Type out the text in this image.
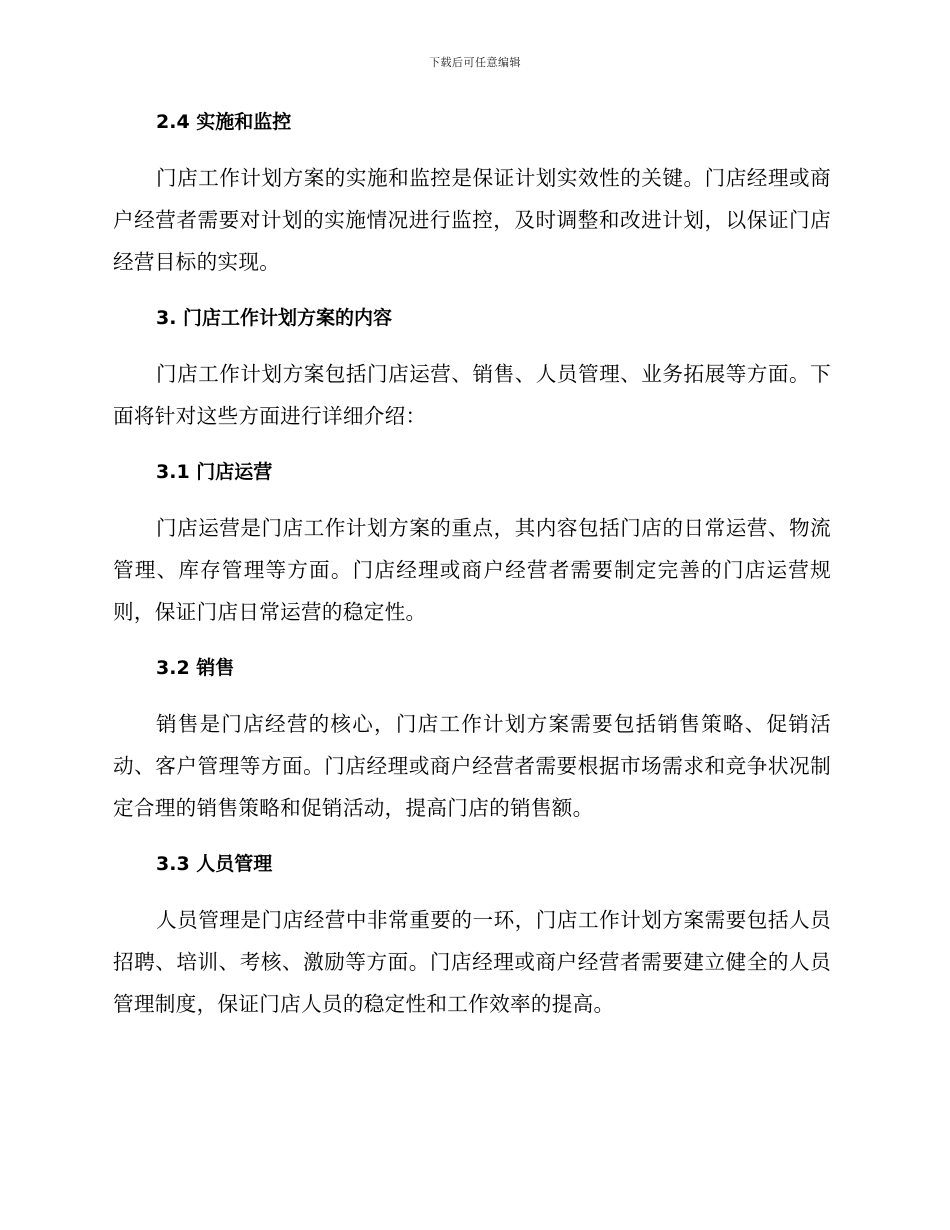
下载后可任意编辑
2.4 实施和监控

门店工作计划方案的实施和监控是保证计划实效性的关键。门店经理或商户经营者需要对计划的实施情况进行监控，及时调整和改进计划，以保证门店经营目标的实现。

3. 门店工作计划方案的内容

门店工作计划方案包括门店运营、销售、人员管理、业务拓展等方面。下面将针对这些方面进行详细介绍：

3.1 门店运营

门店运营是门店工作计划方案的重点，其内容包括门店的日常运营、物流管理、库存管理等方面。门店经理或商户经营者需要制定完善的门店运营规则，保证门店日常运营的稳定性。

3.2 销售

销售是门店经营的核心，门店工作计划方案需要包括销售策略、促销活动、客户管理等方面。门店经理或商户经营者需要根据市场需求和竞争状况制定合理的销售策略和促销活动，提高门店的销售额。

3.3 人员管理

人员管理是门店经营中非常重要的一环，门店工作计划方案需要包括人员招聘、培训、考核、激励等方面。门店经理或商户经营者需要建立健全的人员管理制度，保证门店人员的稳定性和工作效率的提高。
